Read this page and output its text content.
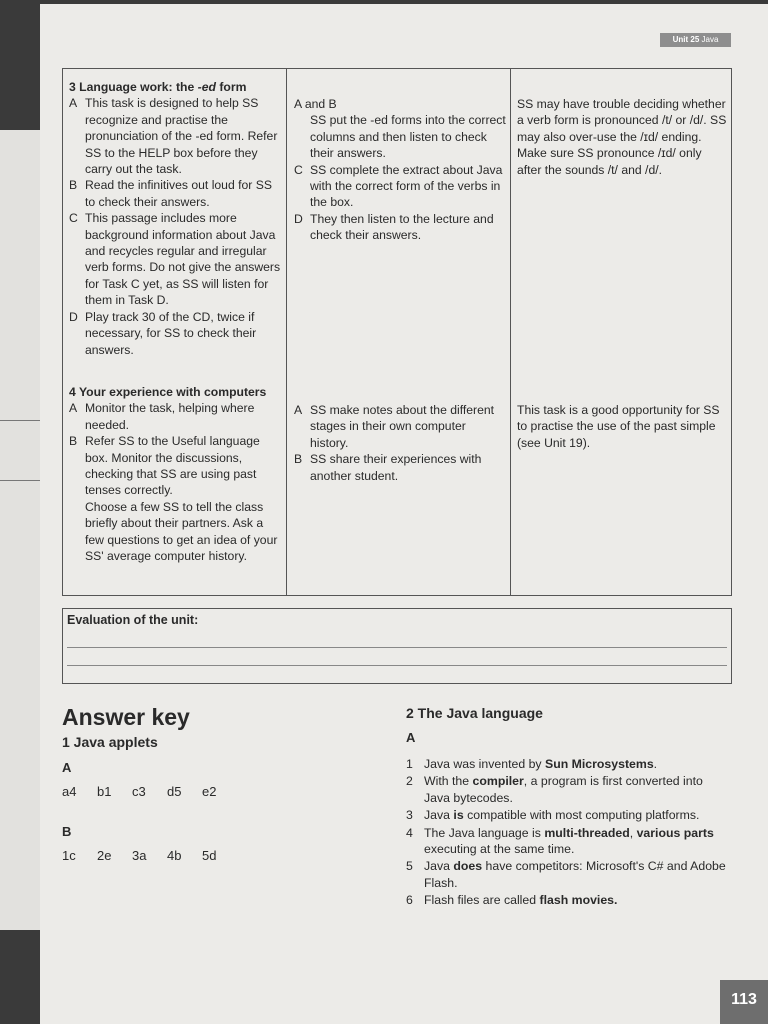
Unit 25 Java

3 Language work: the -ed form

A This task is designed to help SS recognize and practise the pronunciation of the -ed form. Refer SS to the HELP box before they carry out the task.
B Read the infinitives out loud for SS to check their answers.
C This passage includes more background information about Java and recycles regular and irregular verb forms. Do not give the answers for Task C yet, as SS will listen for them in Task D.
D Play track 30 of the CD, twice if necessary, for SS to check their answers.

A and B

SS put the -ed forms into the correct columns and then listen to check their answers.
C SS complete the extract about Java with the correct form of the verbs in the box.
D They then listen to the lecture and check their answers.

SS may have trouble deciding whether a verb form is pronounced /t/ or /d/. SS may also over-use the /ɪd/ ending. Make sure SS pronounce /ɪd/ only after the sounds /t/ and /d/.

4 Your experience with computers

A Monitor the task, helping where needed.
B Refer SS to the Useful language box. Monitor the discussions, checking that SS are using past tenses correctly.

Choose a few SS to tell the class briefly about their partners. Ask a few questions to get an idea of your SS' average computer history.

A SS make notes about the different stages in their own computer history.
B SS share their experiences with another student.

This task is a good opportunity for SS to practise the use of the past simple (see Unit 19).

Evaluation of the unit:
Answer key
1 Java applets
A
a4 b1 c3 d5 e2
B
1c 2e 3a 4b 5d
2 The Java language
A
1 Java was invented by Sun Microsystems.
2 With the compiler, a program is first converted into Java bytecodes.
3 Java is compatible with most computing platforms.
4 The Java language is multi-threaded, various parts executing at the same time.
5 Java does have competitors: Microsoft's C# and Adobe Flash.
6 Flash files are called flash movies.
113
